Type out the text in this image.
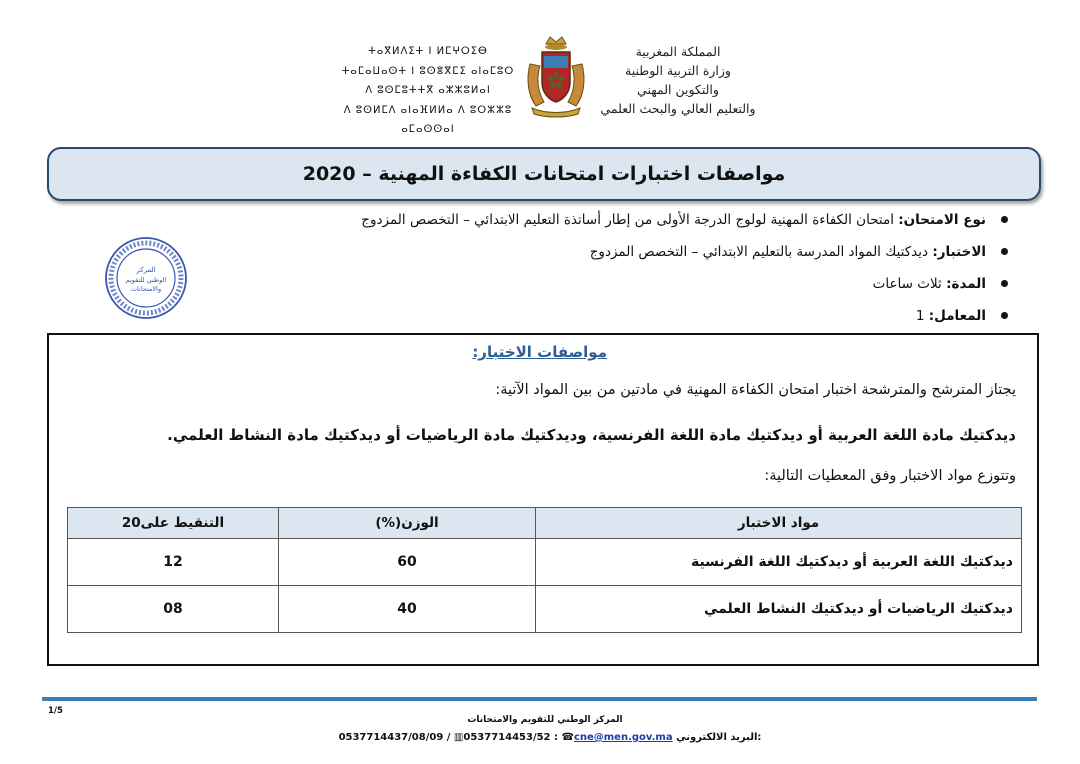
المملكة المغربية
وزارة التربية الوطنية
والتكوين المهني
والتعليم العالي والبحث العلمي
ⵜⴰⴳⵍⴷⵉⵜ ⵏ ⵍⵎⵖⵔⵉⴱ
ⵜⴰⵎⴰⵡⴰⵙⵜ ⵏ ⵓⵙⴻⴳⵎⵉ ⴰⵏⴰⵎⵓⵔ
ⴷ ⵓⵙⵎⵓⵜⵜⴳ ⴰⵣⵣⵓⵍⴰⵏ
ⴷ ⵓⵙⵍⵎⴷ ⴰⵏⴰⴼⵍⵍⴰ ⴷ ⵓⵔⵣⵣⵓ ⴰⵎⴰⵙⵙⴰⵏ
مواصفات اختبارات امتحانات الكفاءة المهنية – 2020
نوع الامتحان: امتحان الكفاءة المهنية لولوج الدرجة الأولى من إطار أساتذة التعليم الابتدائي – التخصص المزدوج
الاختبار: ديدكتيك المواد المدرسة بالتعليم الابتدائي – التخصص المزدوج
المدة: ثلاث ساعات
المعامل: 1
المركز
الوطني للتقويم
والامتحانات
مواصفات الاختبار:
يجتاز المترشح والمترشحة اختبار امتحان الكفاءة المهنية في مادتين من بين المواد الآتية:
ديدكتيك مادة اللغة العربية أو ديدكتيك مادة اللغة الفرنسية، وديدكتيك مادة الرياضيات أو ديدكتيك مادة النشاط العلمي.
وتتوزع مواد الاختبار وفق المعطيات التالية:
مواد الاختبار	الوزن(%)	التنقيط على20
ديدكتيك اللغة العربية أو ديدكتيك اللغة الفرنسية	60	12
ديدكتيك الرياضيات أو ديدكتيك النشاط العلمي	40	08
1/5
المركز الوطني للتقويم والامتحانات
0537714437/08/09 / ▥0537714453/52 : ☎cne@men.gov.ma البريد الالكتروني:
